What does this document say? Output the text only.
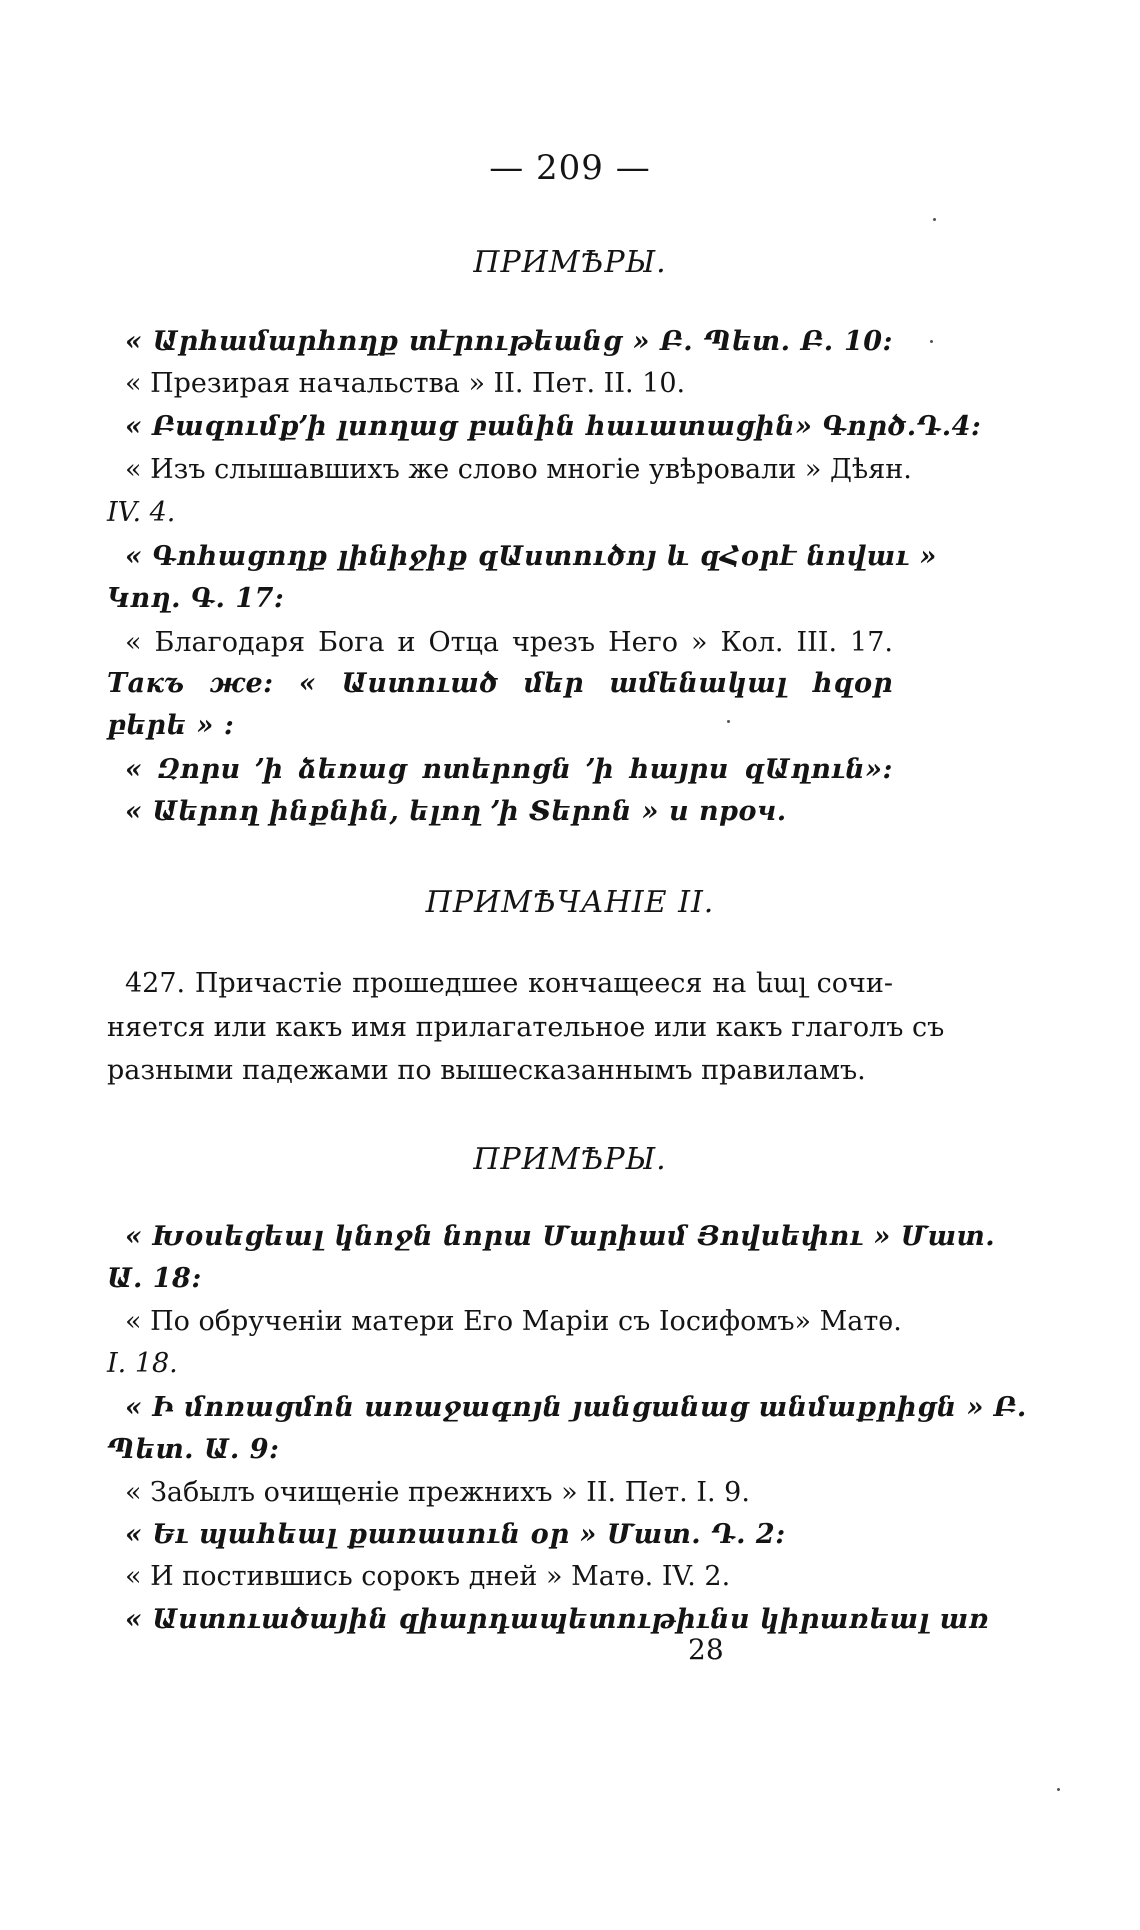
— 209 —
ПРИМѢРЫ.
« Արհամարհողք տէրութեանց » Բ. Պետ. Բ. 10:
« Презирая начальства » II. Пет. II. 10.
« Բազումք՚ի լսողաց բանին հաւատացին» Գործ.Դ.4:
« Изъ слышавшихъ же слово многіе увѣровали » Дѣян.
IV. 4.
« Գոհացողք լինիջիք զԱստուծոյ և զՀօրէ նովաւ »
Կող. Գ. 17:
« Благодаря Бога и Отца чрезъ Него » Кол. III. 17.
Такъ же: « Աստուած մեր ամենակալ հզօր
բերե » :
« Զորս ՚ի ձեռաց ոտերոցն ՚ի հայրս զԱղուն»:
« Աերող ինքնին, ելող ՚ի Տերոն » и проч.
ПРИМѢЧАНІЕ II.
427. Причастіе прошедшее кончащееся на եալ сочи-
няется или какъ имя прилагательное или какъ глаголъ съ
разными падежами по вышесказаннымъ правиламъ.
ПРИМѢРЫ.
« Խօսեցեալ կնոջն նորա Մարիամ Յովսեփու » Մատ.
Ա. 18:
« По обрученіи матери Его Маріи съ Іосифомъ» Матѳ.
I. 18.
« Ի մոռացմոն առաջագոյն յանցանաց անմաքրիցն » Բ.
Պետ. Ա. 9:
« Забылъ очищеніе прежнихъ » II. Пет. I. 9.
« Եւ պահեալ քառասուն օր » Մատ. Դ. 2:
« И постившись сорокъ дней » Матѳ. IV. 2.
« Աստուածային զիարդապետութիւնս կիրառեալ առ
28
